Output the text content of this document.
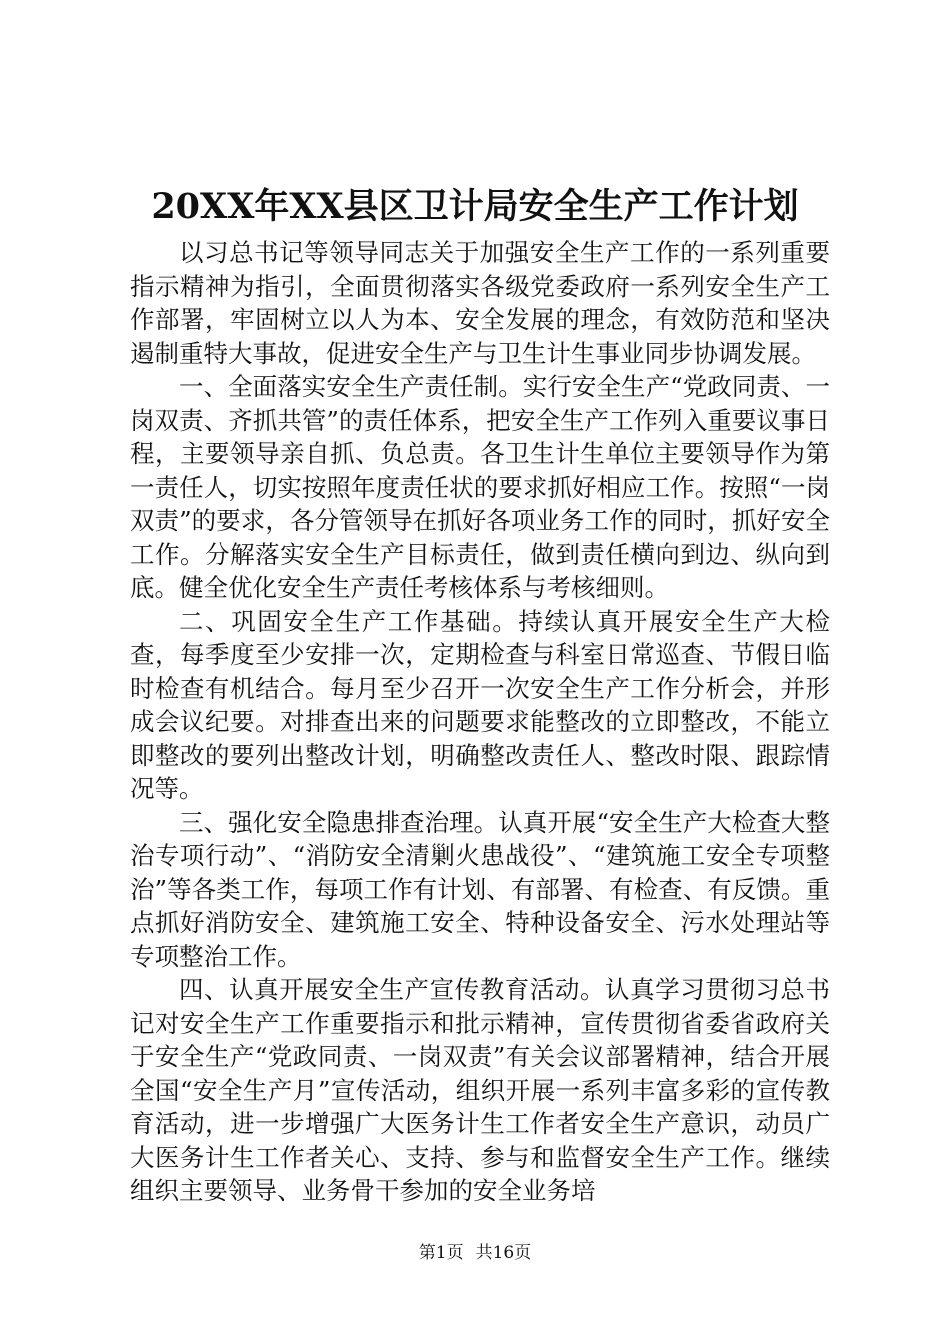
20XX年XX县区卫计局安全生产工作计划

以习总书记等领导同志关于加强安全生产工作的一系列重要指示精神为指引，全面贯彻落实各级党委政府一系列安全生产工作部署，牢固树立以人为本、安全发展的理念，有效防范和坚决遏制重特大事故，促进安全生产与卫生计生事业同步协调发展。

一、全面落实安全生产责任制。实行安全生产“党政同责、一岗双责、齐抓共管”的责任体系，把安全生产工作列入重要议事日程，主要领导亲自抓、负总责。各卫生计生单位主要领导作为第一责任人，切实按照年度责任状的要求抓好相应工作。按照“一岗双责”的要求，各分管领导在抓好各项业务工作的同时，抓好安全工作。分解落实安全生产目标责任，做到责任横向到边、纵向到底。健全优化安全生产责任考核体系与考核细则。

二、巩固安全生产工作基础。持续认真开展安全生产大检查，每季度至少安排一次，定期检查与科室日常巡查、节假日临时检查有机结合。每月至少召开一次安全生产工作分析会，并形成会议纪要。对排查出来的问题要求能整改的立即整改，不能立即整改的要列出整改计划，明确整改责任人、整改时限、跟踪情况等。

三、强化安全隐患排查治理。认真开展“安全生产大检查大整治专项行动”、“消防安全清剿火患战役”、“建筑施工安全专项整治”等各类工作，每项工作有计划、有部署、有检查、有反馈。重点抓好消防安全、建筑施工安全、特种设备安全、污水处理站等专项整治工作。

四、认真开展安全生产宣传教育活动。认真学习贯彻习总书记对安全生产工作重要指示和批示精神，宣传贯彻省委省政府关于安全生产“党政同责、一岗双责”有关会议部署精神，结合开展全国“安全生产月”宣传活动，组织开展一系列丰富多彩的宣传教育活动，进一步增强广大医务计生工作者安全生产意识，动员广大医务计生工作者关心、支持、参与和监督安全生产工作。继续组织主要领导、业务骨干参加的安全业务培

第1页 共16页
